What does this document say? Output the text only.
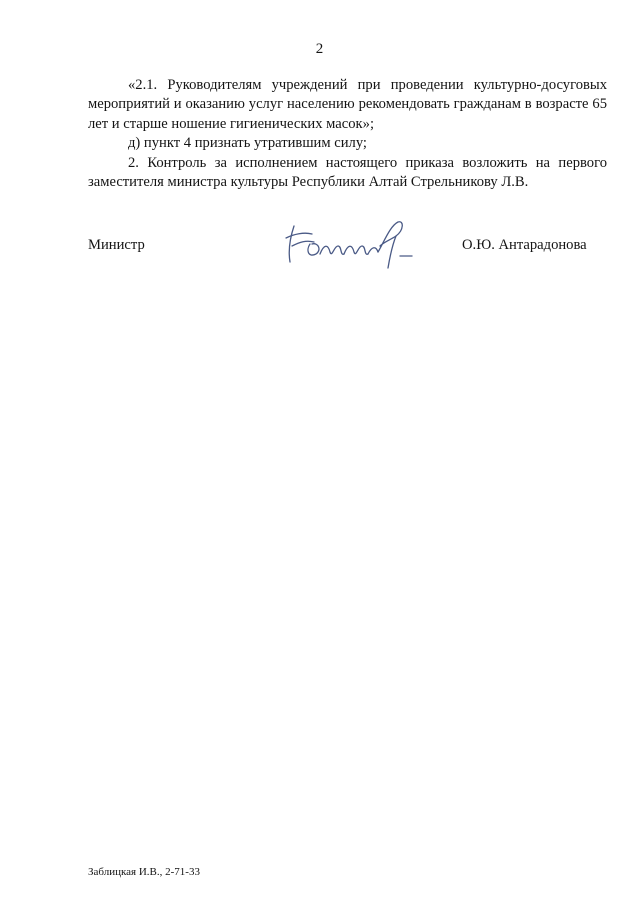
2

«2.1. Руководителям учреждений при проведении культурно-досуговых мероприятий и оказанию услуг населению рекомендовать гражданам в возрасте 65 лет и старше ношение гигиенических масок»;

д) пункт 4 признать утратившим силу;

2. Контроль за исполнением настоящего приказа возложить на первого заместителя министра культуры Республики Алтай Стрельникову Л.В.

Министр	О.Ю. Антарадонова
Заблицкая И.В., 2-71-33
